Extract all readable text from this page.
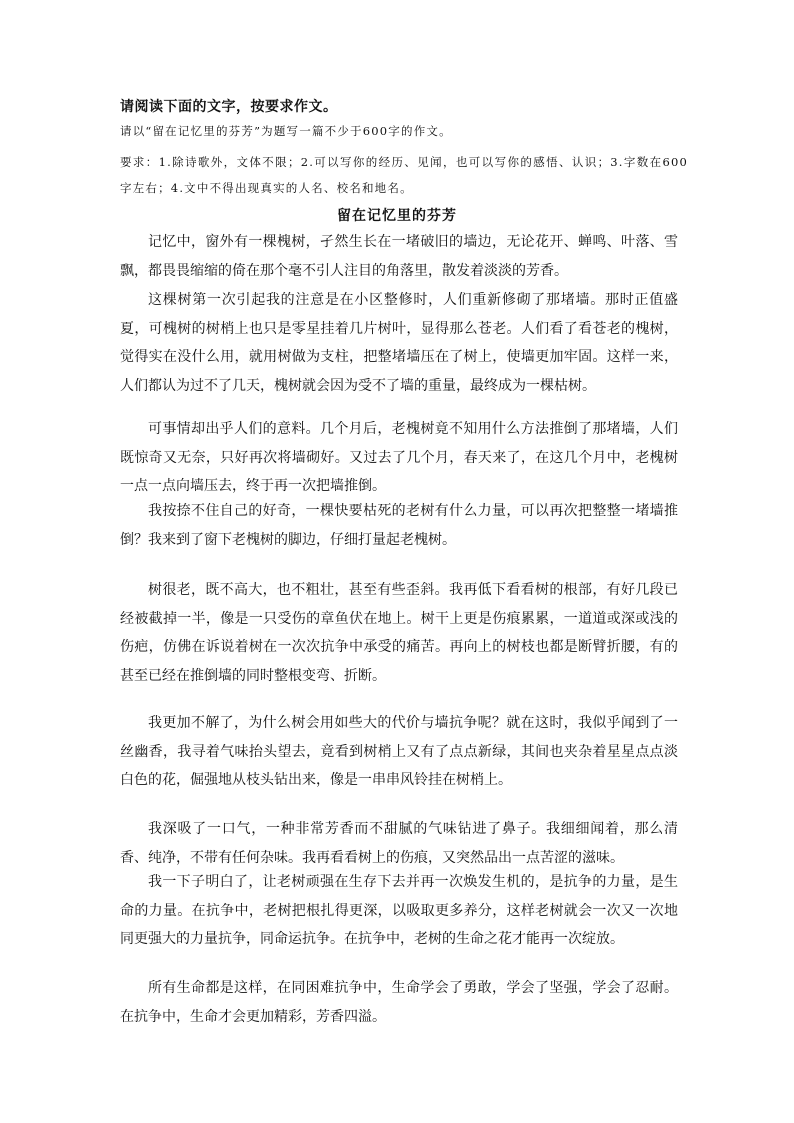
请阅读下面的文字，按要求作文。
请以“留在记忆里的芬芳”为题写一篇不少于600字的作文。
要求：1.除诗歌外，文体不限；2.可以写你的经历、见闻，也可以写你的感悟、认识；3.字数在600字左右；4.文中不得出现真实的人名、校名和地名。
留在记忆里的芬芳

记忆中，窗外有一棵槐树，孑然生长在一堵破旧的墙边，无论花开、蝉鸣、叶落、雪飘，都畏畏缩缩的倚在那个毫不引人注目的角落里，散发着淡淡的芳香。

这棵树第一次引起我的注意是在小区整修时，人们重新修砌了那堵墙。那时正值盛夏，可槐树的树梢上也只是零星挂着几片树叶，显得那么苍老。人们看了看苍老的槐树，觉得实在没什么用，就用树做为支柱，把整堵墙压在了树上，使墙更加牢固。这样一来，人们都认为过不了几天，槐树就会因为受不了墙的重量，最终成为一棵枯树。

可事情却出乎人们的意料。几个月后，老槐树竟不知用什么方法推倒了那堵墙，人们既惊奇又无奈，只好再次将墙砌好。又过去了几个月，春天来了，在这几个月中，老槐树一点一点向墙压去，终于再一次把墙推倒。

我按捺不住自己的好奇，一棵快要枯死的老树有什么力量，可以再次把整整一堵墙推倒？我来到了窗下老槐树的脚边，仔细打量起老槐树。

树很老，既不高大，也不粗壮，甚至有些歪斜。我再低下看看树的根部，有好几段已经被截掉一半，像是一只受伤的章鱼伏在地上。树干上更是伤痕累累，一道道或深或浅的伤疤，仿佛在诉说着树在一次次抗争中承受的痛苦。再向上的树枝也都是断臂折腰，有的甚至已经在推倒墙的同时整根变弯、折断。

我更加不解了，为什么树会用如些大的代价与墙抗争呢？就在这时，我似乎闻到了一丝幽香，我寻着气味抬头望去，竟看到树梢上又有了点点新绿，其间也夹杂着星星点点淡白色的花，倔强地从枝头钻出来，像是一串串风铃挂在树梢上。

我深吸了一口气，一种非常芳香而不甜腻的气味钻进了鼻子。我细细闻着，那么清香、纯净，不带有任何杂味。我再看看树上的伤痕，又突然品出一点苦涩的滋味。

我一下子明白了，让老树顽强在生存下去并再一次焕发生机的，是抗争的力量，是生命的力量。在抗争中，老树把根扎得更深，以吸取更多养分，这样老树就会一次又一次地同更强大的力量抗争，同命运抗争。在抗争中，老树的生命之花才能再一次绽放。

所有生命都是这样，在同困难抗争中，生命学会了勇敢，学会了坚强，学会了忍耐。在抗争中，生命才会更加精彩，芳香四溢。
